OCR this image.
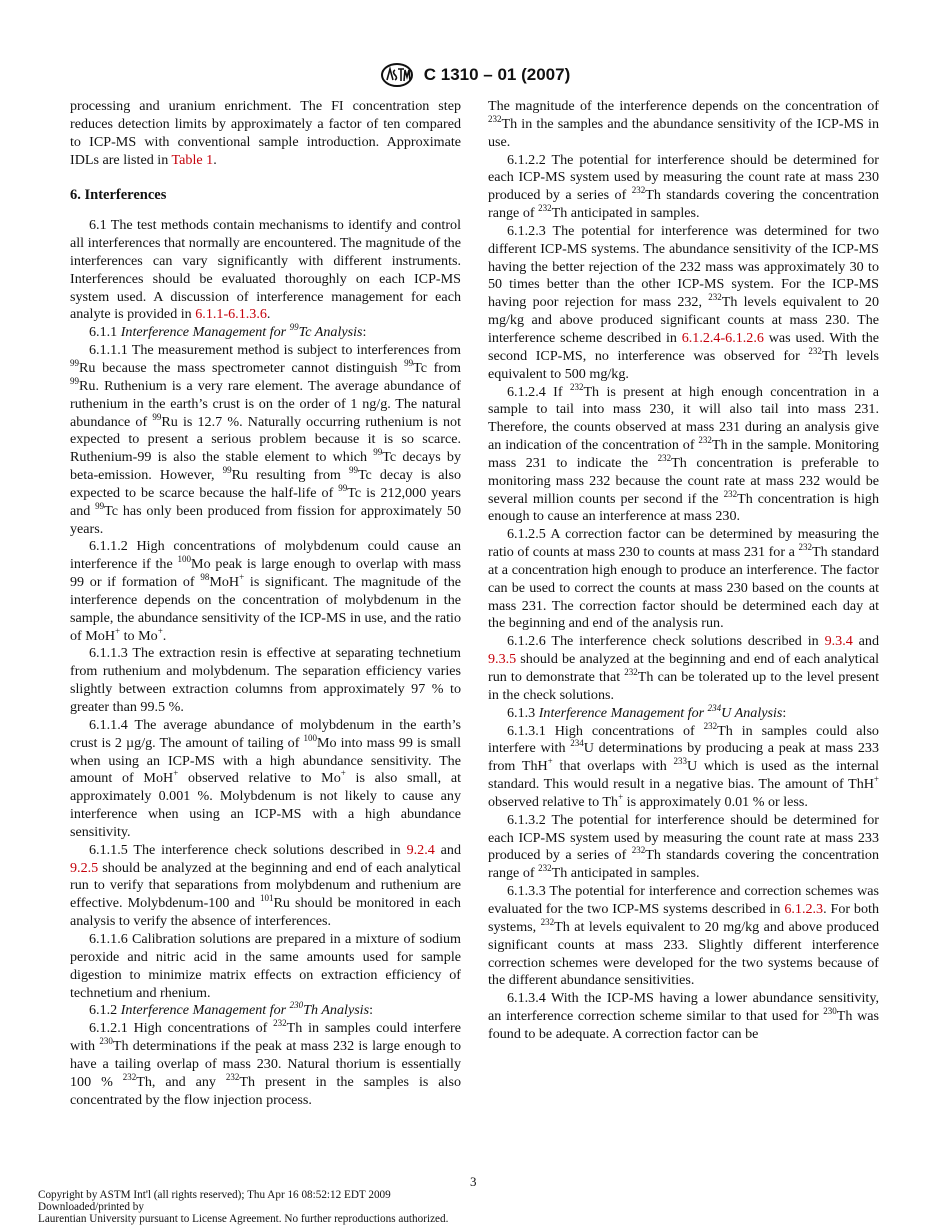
C 1310 – 01 (2007)

processing and uranium enrichment. The FI concentration step reduces detection limits by approximately a factor of ten compared to ICP-MS with conventional sample introduction. Approximate IDLs are listed in Table 1.

6. Interferences

6.1 The test methods contain mechanisms to identify and control all interferences that normally are encountered. The magnitude of the interferences can vary significantly with different instruments. Interferences should be evaluated thoroughly on each ICP-MS system used. A discussion of interference management for each analyte is provided in 6.1.1-6.1.3.6.

6.1.1 Interference Management for $^{99}$Tc Analysis:

6.1.1.1 The measurement method is subject to interferences from $^{99}$Ru because the mass spectrometer cannot distinguish $^{99}$Tc from $^{99}$Ru. Ruthenium is a very rare element. The average abundance of ruthenium in the earth’s crust is on the order of 1 ng/g. The natural abundance of $^{99}$Ru is 12.7 %. Naturally occurring ruthenium is not expected to present a serious problem because it is so scarce. Ruthenium-99 is also the stable element to which $^{99}$Tc decays by beta-emission. However, $^{99}$Ru resulting from $^{99}$Tc decay is also expected to be scarce because the half-life of $^{99}$Tc is 212,000 years and $^{99}$Tc has only been produced from fission for approximately 50 years.

6.1.1.2 High concentrations of molybdenum could cause an interference if the $^{100}$Mo peak is large enough to overlap with mass 99 or if formation of $^{98}$MoH+ is significant. The magnitude of the interference depends on the concentration of molybdenum in the sample, the abundance sensitivity of the ICP-MS in use, and the ratio of MoH+ to Mo+.

6.1.1.3 The extraction resin is effective at separating technetium from ruthenium and molybdenum. The separation efficiency varies slightly between extraction columns from approximately 97 % to greater than 99.5 %.

6.1.1.4 The average abundance of molybdenum in the earth’s crust is 2 µg/g. The amount of tailing of $^{100}$Mo into mass 99 is small when using an ICP-MS with a high abundance sensitivity. The amount of MoH+ observed relative to Mo+ is also small, at approximately 0.001 %. Molybdenum is not likely to cause any interference when using an ICP-MS with a high abundance sensitivity.

6.1.1.5 The interference check solutions described in 9.2.4 and 9.2.5 should be analyzed at the beginning and end of each analytical run to verify that separations from molybdenum and ruthenium are effective. Molybdenum-100 and $^{101}$Ru should be monitored in each analysis to verify the absence of interferences.

6.1.1.6 Calibration solutions are prepared in a mixture of sodium peroxide and nitric acid in the same amounts used for sample digestion to minimize matrix effects on extraction efficiency of technetium and rhenium.

6.1.2 Interference Management for $^{230}$Th Analysis:

6.1.2.1 High concentrations of $^{232}$Th in samples could interfere with $^{230}$Th determinations if the peak at mass 232 is large enough to have a tailing overlap of mass 230. Natural thorium is essentially 100 % $^{232}$Th, and any $^{232}$Th present in the samples is also concentrated by the flow injection process.

The magnitude of the interference depends on the concentration of $^{232}$Th in the samples and the abundance sensitivity of the ICP-MS in use.

6.1.2.2 The potential for interference should be determined for each ICP-MS system used by measuring the count rate at mass 230 produced by a series of $^{232}$Th standards covering the concentration range of $^{232}$Th anticipated in samples.

6.1.2.3 The potential for interference was determined for two different ICP-MS systems. The abundance sensitivity of the ICP-MS having the better rejection of the 232 mass was approximately 30 to 50 times better than the other ICP-MS system. For the ICP-MS having poor rejection for mass 232, $^{232}$Th levels equivalent to 20 mg/kg and above produced significant counts at mass 230. The interference scheme described in 6.1.2.4-6.1.2.6 was used. With the second ICP-MS, no interference was observed for $^{232}$Th levels equivalent to 500 mg/kg.

6.1.2.4 If $^{232}$Th is present at high enough concentration in a sample to tail into mass 230, it will also tail into mass 231. Therefore, the counts observed at mass 231 during an analysis give an indication of the concentration of $^{232}$Th in the sample. Monitoring mass 231 to indicate the $^{232}$Th concentration is preferable to monitoring mass 232 because the count rate at mass 232 would be several million counts per second if the $^{232}$Th concentration is high enough to cause an interference at mass 230.

6.1.2.5 A correction factor can be determined by measuring the ratio of counts at mass 230 to counts at mass 231 for a $^{232}$Th standard at a concentration high enough to produce an interference. The factor can be used to correct the counts at mass 230 based on the counts at mass 231. The correction factor should be determined each day at the beginning and end of the analysis run.

6.1.2.6 The interference check solutions described in 9.3.4 and 9.3.5 should be analyzed at the beginning and end of each analytical run to demonstrate that $^{232}$Th can be tolerated up to the level present in the check solutions.

6.1.3 Interference Management for $^{234}$U Analysis:

6.1.3.1 High concentrations of $^{232}$Th in samples could also interfere with $^{234}$U determinations by producing a peak at mass 233 from ThH+ that overlaps with $^{233}$U which is used as the internal standard. This would result in a negative bias. The amount of ThH+ observed relative to Th+ is approximately 0.01 % or less.

6.1.3.2 The potential for interference should be determined for each ICP-MS system used by measuring the count rate at mass 233 produced by a series of $^{232}$Th standards covering the concentration range of $^{232}$Th anticipated in samples.

6.1.3.3 The potential for interference and correction schemes was evaluated for the two ICP-MS systems described in 6.1.2.3. For both systems, $^{232}$Th at levels equivalent to 20 mg/kg and above produced significant counts at mass 233. Slightly different interference correction schemes were developed for the two systems because of the different abundance sensitivities.

6.1.3.4 With the ICP-MS having a lower abundance sensitivity, an interference correction scheme similar to that used for $^{230}$Th was found to be adequate. A correction factor can be

3
Copyright by ASTM Int'l (all rights reserved); Thu Apr 16 08:52:12 EDT 2009
Downloaded/printed by
Laurentian University pursuant to License Agreement. No further reproductions authorized.
